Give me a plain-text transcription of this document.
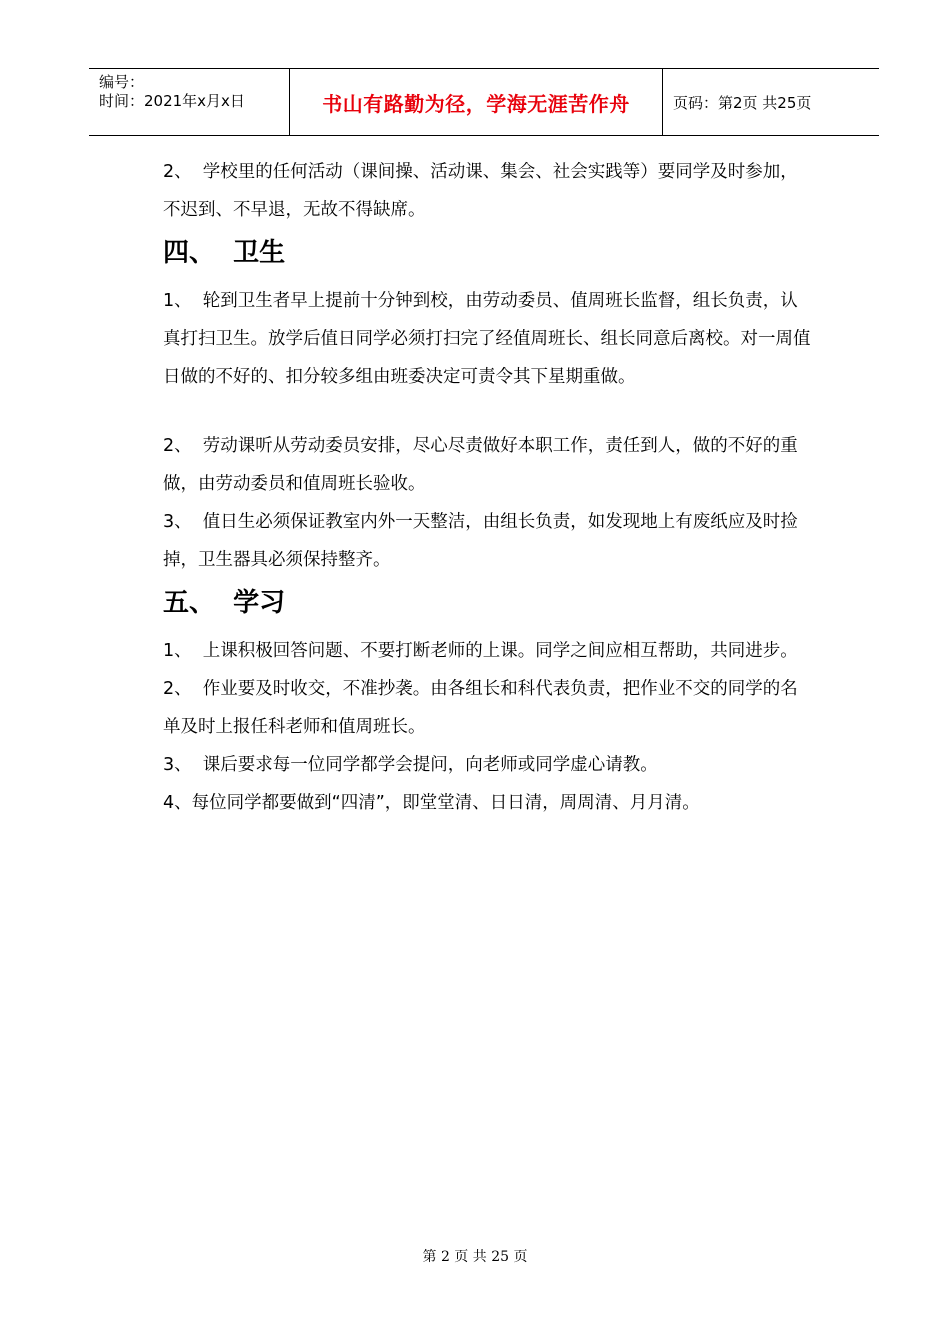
编号：
时间：2021年x月x日	书山有路勤为径，学海无涯苦作舟	页码：第2页 共25页

2、  学校里的任何活动（课间操、活动课、集会、社会实践等）要同学及时参加，不迟到、不早退，无故不得缺席。

四、  卫生

1、  轮到卫生者早上提前十分钟到校，由劳动委员、值周班长监督，组长负责，认真打扫卫生。放学后值日同学必须打扫完了经值周班长、组长同意后离校。对一周值日做的不好的、扣分较多组由班委决定可责令其下星期重做。

2、  劳动课听从劳动委员安排，尽心尽责做好本职工作，责任到人，做的不好的重做，由劳动委员和值周班长验收。

3、  值日生必须保证教室内外一天整洁，由组长负责，如发现地上有废纸应及时捡掉，卫生器具必须保持整齐。

五、  学习

1、  上课积极回答问题、不要打断老师的上课。同学之间应相互帮助，共同进步。

2、  作业要及时收交，不准抄袭。由各组长和科代表负责，把作业不交的同学的名单及时上报任科老师和值周班长。

3、  课后要求每一位同学都学会提问，向老师或同学虚心请教。

4、每位同学都要做到“四清”，即堂堂清、日日清，周周清、月月清。

第 2 页 共 25 页
